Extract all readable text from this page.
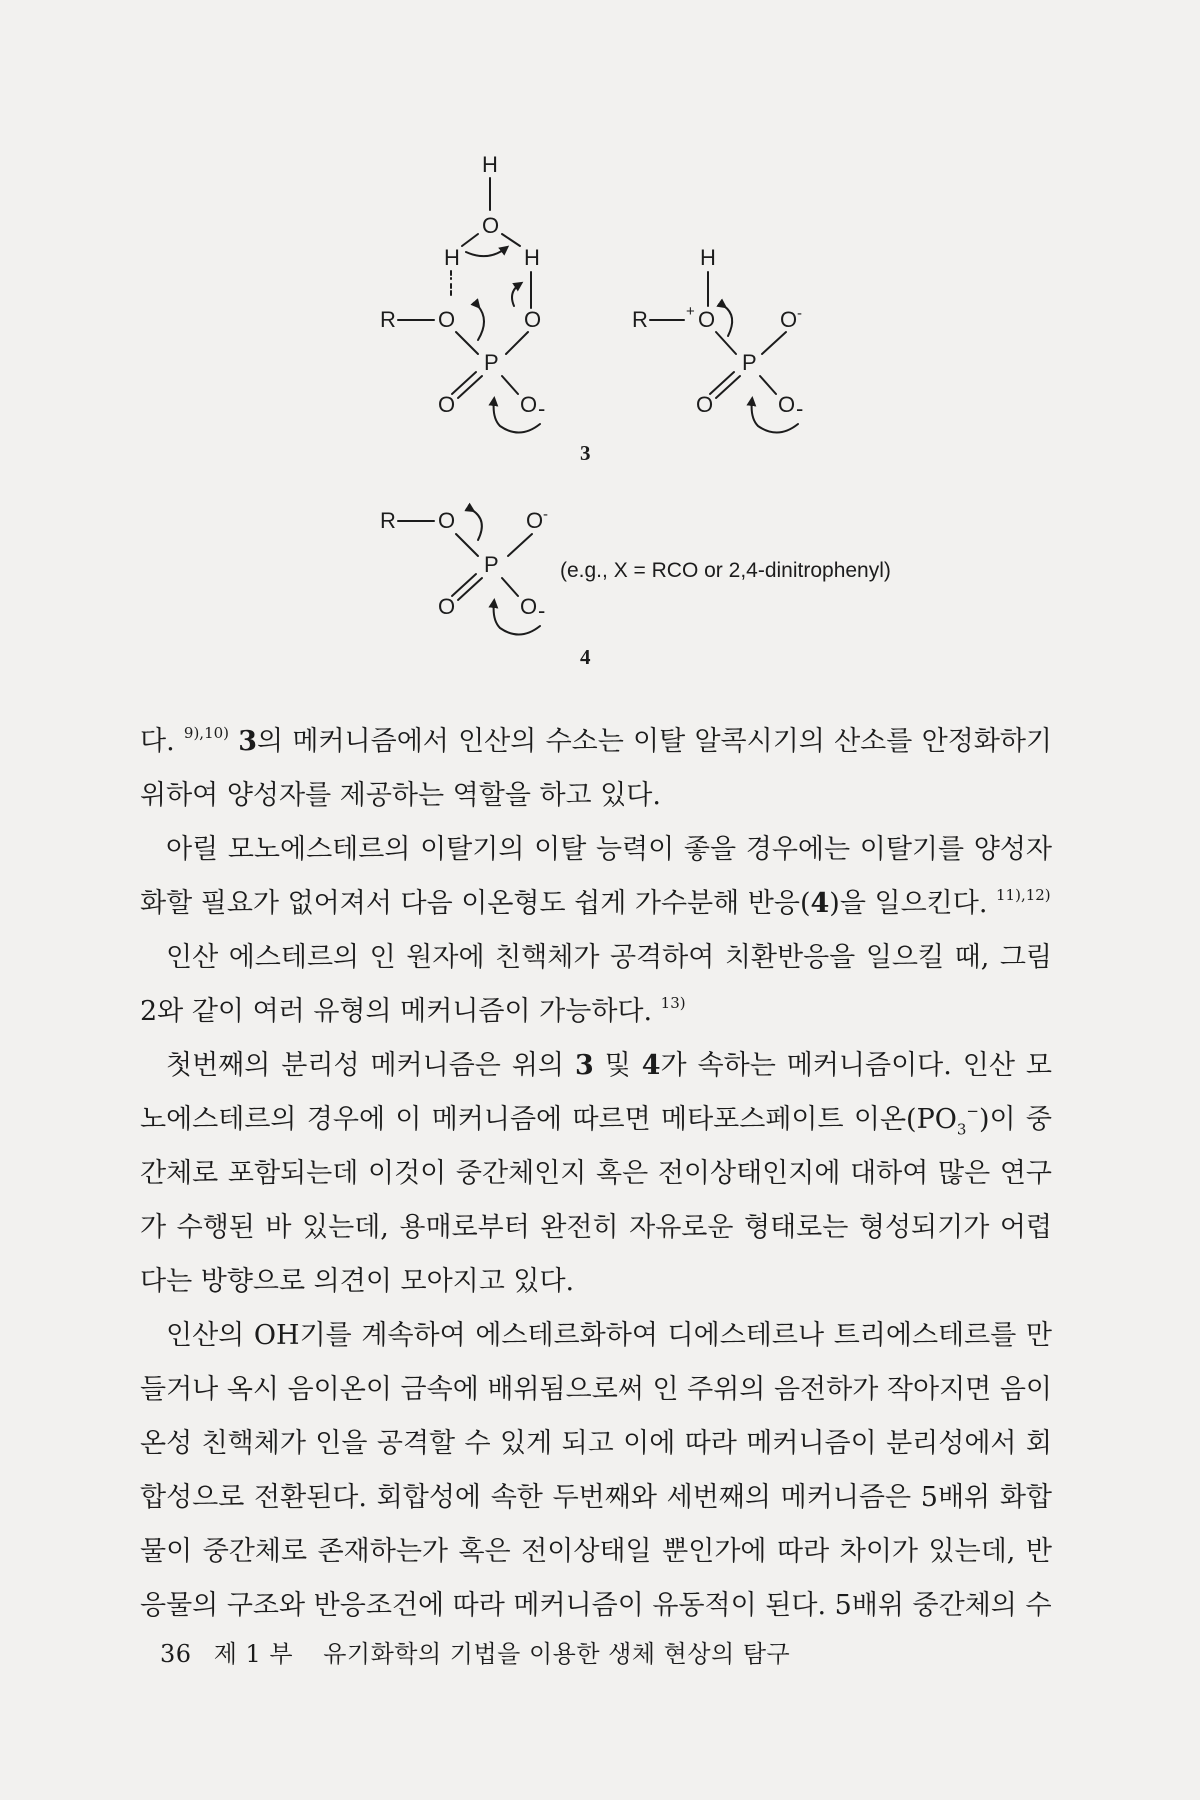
H
O
H	H
R O	O
P
O	O -
H
R	+ O	O -
P
O	O -
3
R O	O -
P
O	O -
(e.g., X = RCO or 2,4-dinitrophenyl)
4

다. $^{9),10)}$ 3의 메커니즘에서 인산의 수소는 이탈 알콕시기의 산소를 안정화하기 위하여 양성자를 제공하는 역할을 하고 있다.

아릴 모노에스테르의 이탈기의 이탈 능력이 좋을 경우에는 이탈기를 양성자 화할 필요가 없어져서 다음 이온형도 쉽게 가수분해 반응(4)을 일으킨다. $^{11),12)}$

인산 에스테르의 인 원자에 친핵체가 공격하여 치환반응을 일으킬 때, 그림 2와 같이 여러 유형의 메커니즘이 가능하다. $^{13)}$

첫번째의 분리성 메커니즘은 위의 3 및 4가 속하는 메커니즘이다. 인산 모노에스테르의 경우에 이 메커니즘에 따르면 메타포스페이트 이온$(PO_3^-)$이 중간체로 포함되는데 이것이 중간체인지 혹은 전이상태인지에 대하여 많은 연구가 수행된 바 있는데, 용매로부터 완전히 자유로운 형태로는 형성되기가 어렵다는 방향으로 의견이 모아지고 있다.

인산의 OH기를 계속하여 에스테르화하여 디에스테르나 트리에스테르를 만들거나 옥시 음이온이 금속에 배위됨으로써 인 주위의 음전하가 작아지면 음이온성 친핵체가 인을 공격할 수 있게 되고 이에 따라 메커니즘이 분리성에서 회합성으로 전환된다. 회합성에 속한 두번째와 세번째의 메커니즘은 5배위 화합물이 중간체로 존재하는가 혹은 전이상태일 뿐인가에 따라 차이가 있는데, 반응물의 구조와 반응조건에 따라 메커니즘이 유동적이 된다. 5배위 중간체의 수

36 제 1 부 유기화학의 기법을 이용한 생체 현상의 탐구
